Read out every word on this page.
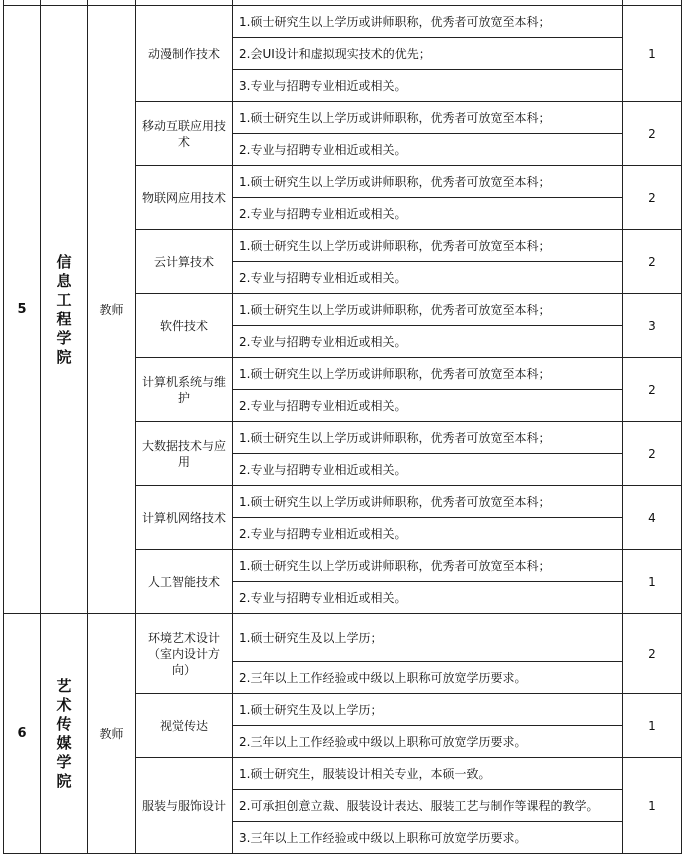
5	信息工程学院	教师	动漫制作技术	1.硕士研究生以上学历或讲师职称，优秀者可放宽至本科；	1
				2.会UI设计和虚拟现实技术的优先；	
				3.专业与招聘专业相近或相关。	
			移动互联应用技术	1.硕士研究生以上学历或讲师职称，优秀者可放宽至本科；	2
				2.专业与招聘专业相近或相关。	
			物联网应用技术	1.硕士研究生以上学历或讲师职称，优秀者可放宽至本科；	2
				2.专业与招聘专业相近或相关。	
			云计算技术	1.硕士研究生以上学历或讲师职称，优秀者可放宽至本科；	2
				2.专业与招聘专业相近或相关。	
			软件技术	1.硕士研究生以上学历或讲师职称，优秀者可放宽至本科；	3
				2.专业与招聘专业相近或相关。	
			计算机系统与维护	1.硕士研究生以上学历或讲师职称，优秀者可放宽至本科；	2
				2.专业与招聘专业相近或相关。	
			大数据技术与应用	1.硕士研究生以上学历或讲师职称，优秀者可放宽至本科；	2
				2.专业与招聘专业相近或相关。	
			计算机网络技术	1.硕士研究生以上学历或讲师职称，优秀者可放宽至本科；	4
				2.专业与招聘专业相近或相关。	
			人工智能技术	1.硕士研究生以上学历或讲师职称，优秀者可放宽至本科；	1
				2.专业与招聘专业相近或相关。	
6	艺术传媒学院	教师	环境艺术设计（室内设计方向）	1.硕士研究生及以上学历；	2
				2.三年以上工作经验或中级以上职称可放宽学历要求。	
			视觉传达	1.硕士研究生及以上学历；	1
				2.三年以上工作经验或中级以上职称可放宽学历要求。	
			服装与服饰设计	1.硕士研究生，服装设计相关专业，本硕一致。	1
				2.可承担创意立裁、服装设计表达、服装工艺与制作等课程的教学。	
				3.三年以上工作经验或中级以上职称可放宽学历要求。	
